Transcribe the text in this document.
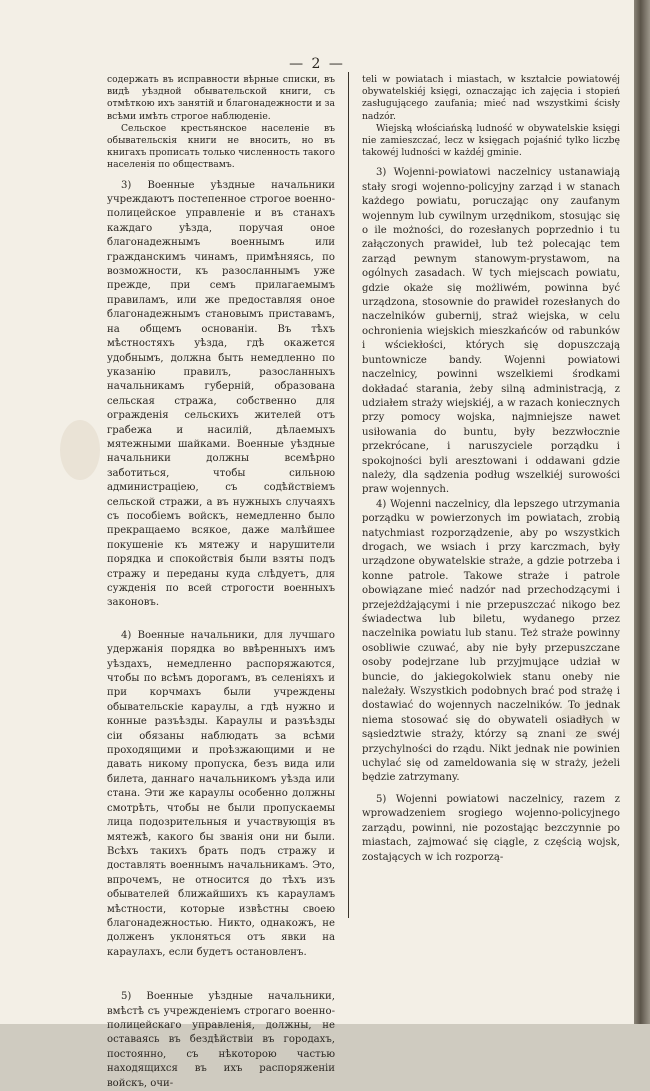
— 2 —

содержать въ исправности вѣрные списки, въ видѣ уѣздной обывательской книги, съ отмѣткою ихъ занятій и благонадежности и за всѣми имѣть строгое наблюденіе.

Сельское крестьянское населеніе въ обывательскія книги не вносить, но въ книгахъ прописать только численность такого населенія по обществамъ.

3) Военные уѣздные начальники учреждаютъ постепенное строгое военно-полицейское управленіе и въ станахъ каждаго уѣзда, поручая оное благонадежнымъ военнымъ или гражданскимъ чинамъ, примѣняясь, по возможности, къ разосланнымъ уже прежде, при семъ прилагаемымъ правиламъ, или же предоставляя оное благонадежнымъ становымъ приставамъ, на общемъ основаніи. Въ тѣхъ мѣстностяхъ уѣзда, гдѣ окажется удобнымъ, должна быть немедленно по указанію правилъ, разосланныхъ начальникамъ губерній, образована сельская стража, собственно для огражденія сельскихъ жителей отъ грабежа и насилій, дѣлаемыхъ мятежными шайками. Военные уѣздные начальники должны всемѣрно заботиться, чтобы сильною администраціею, съ содѣйствіемъ сельской стражи, а въ нужныхъ случаяхъ съ пособіемъ войскъ, немедленно было прекращаемо всякое, даже малѣйшее покушеніе къ мятежу и нарушители порядка и спокойствія были взяты подъ стражу и переданы куда слѣдуетъ, для сужденія по всей строгости военныхъ законовъ.

4) Военные начальники, для лучшаго удержанія порядка во ввѣренныхъ имъ уѣздахъ, немедленно распоряжаются, чтобы по всѣмъ дорогамъ, въ селеніяхъ и при корчмахъ были учреждены обывательскіе караулы, а гдѣ нужно и конные разъѣзды. Караулы и разъѣзды сіи обязаны наблюдать за всѣми проходящими и проѣзжающими и не давать никому пропуска, безъ вида или билета, даннаго начальникомъ уѣзда или стана. Эти же караулы особенно должны смотрѣть, чтобы не были пропускаемы лица подозрительныя и участвующія въ мятежѣ, какого бы званія они ни были. Всѣхъ такихъ брать подъ стражу и доставлять военнымъ начальникамъ. Это, впрочемъ, не относится до тѣхъ изъ обывателей ближайшихъ къ карауламъ мѣстности, которые извѣстны своею благонадежностью. Никто, однакожъ, не долженъ уклоняться отъ явки на караулахъ, если будетъ остановленъ.

5) Военные уѣздные начальники, вмѣстѣ съ учрежденіемъ строгаго военно-полицейскаго управленія, должны, не оставаясь въ бездѣйствіи въ городахъ, постоянно, съ нѣкоторою частью находящихся въ ихъ распоряженіи войскъ, очи-

teli w powiatach i miastach, w kształcie powiatowéj obywatelskiéj księgi, oznaczając ich zajęcia i stopień zasługującego zaufania; mieć nad wszystkimi ścisły nadzór.

Wiejską włościańską ludność w obywatelskie księgi nie zamieszczać, lecz w księgach pojaśnić tylko liczbę takowéj ludności w każdéj gminie.

3) Wojenni-powiatowi naczelnicy ustanawiają stały srogi wojenno-policyjny zarząd i w stanach każdego powiatu, poruczając ony zaufanym wojennym lub cywilnym urzędnikom, stosując się o ile możności, do rozesłanych poprzednio i tu załączonych prawideł, lub też polecając tem zarząd pewnym stanowym-prystawom, na ogólnych zasadach. W tych miejscach powiatu, gdzie okaże się możliwém, powinna być urządzona, stosownie do prawideł rozesłanych do naczelników gubernij, straż wiejska, w celu ochronienia wiejskich mieszkańców od rabunków i wściekłości, których się dopuszczają buntownicze bandy. Wojenni powiatowi naczelnicy, powinni wszelkiemi środkami dokładać starania, żeby silną administracją, z udziałem straży wiejskiéj, a w razach koniecznych przy pomocy wojska, najmniejsze nawet usiłowania do buntu, były bezzwłocznie przekrócane, i naruszyciele porządku i spokojności byli aresztowani i oddawani gdzie należy, dla sądzenia podług wszelkiéj surowości praw wojennych.

4) Wojenni naczelnicy, dla lepszego utrzymania porządku w powierzonych im powiatach, zrobią natychmiast rozporządzenie, aby po wszystkich drogach, we wsiach i przy karczmach, były urządzone obywatelskie straże, a gdzie potrzeba i konne patrole. Takowe straże i patrole obowiązane mieć nadzór nad przechodzącymi i przejeżdżającymi i nie przepuszczać nikogo bez świadectwa lub biletu, wydanego przez naczelnika powiatu lub stanu. Też straże powinny osobliwie czuwać, aby nie były przepuszczane osoby podejrzane lub przyjmujące udział w buncie, do jakiegokolwiek stanu oneby nie należały. Wszystkich podobnych brać pod strażę i dostawiać do wojennych naczelników. To jednak niema stosować się do obywateli osiadłych w sąsiedztwie straży, którzy są znani ze swéj przychylności do rządu. Nikt jednak nie powinien uchylać się od zameldowania się w straży, jeżeli będzie zatrzymany.

5) Wojenni powiatowi naczelnicy, razem z wprowadzeniem srogiego wojenno-policyjnego zarządu, powinni, nie pozostając bezczynnie po miastach, zajmować się ciągle, z częścią wojsk, zostających w ich rozporzą-
